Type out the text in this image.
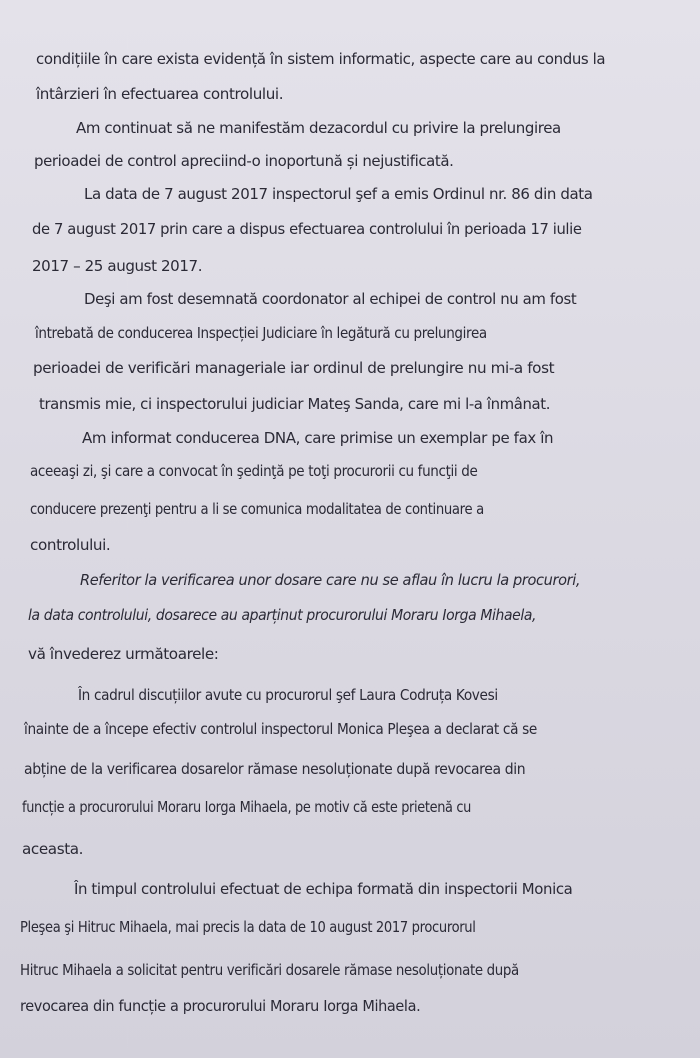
condițiile în care exista evidență în sistem informatic, aspecte care au condus la
întârzieri în efectuarea controlului.
Am continuat să ne manifestăm dezacordul cu privire la prelungirea
perioadei de control apreciind-o inoportună și nejustificată.
La data de 7 august 2017 inspectorul şef a emis Ordinul nr. 86 din data
de 7 august 2017 prin care a dispus efectuarea controlului în perioada 17 iulie
2017 – 25 august 2017.
Deşi am fost desemnată coordonator al echipei de control nu am fost
întrebată de conducerea Inspecției Judiciare în legătură cu prelungirea
perioadei de verificări manageriale iar ordinul de prelungire nu mi-a fost
transmis mie, ci inspectorului judiciar Mateş Sanda, care mi l-a înmânat.
Am informat conducerea DNA, care primise un exemplar pe fax în
aceeaşi zi, şi care a convocat în şedinţă pe toţi procurorii cu funcţii de
conducere prezenţi pentru a li se comunica modalitatea de continuare a
controlului.
Referitor la verificarea unor dosare care nu se aflau în lucru la procurori,
la data controlului, dosarece au aparținut procurorului Moraru Iorga Mihaela,
vă învederez următoarele:
În cadrul discuțiilor avute cu procurorul şef Laura Codruța Kovesi
înainte de a începe efectiv controlul inspectorul Monica Pleşea a declarat că se
abține de la verificarea dosarelor rămase nesoluționate după revocarea din
funcție a procurorului Moraru Iorga Mihaela, pe motiv că este prietenă cu
aceasta.
În timpul controlului efectuat de echipa formată din inspectorii Monica
Pleşea şi Hitruc Mihaela, mai precis la data de 10 august 2017 procurorul
Hitruc Mihaela a solicitat pentru verificări dosarele rămase nesoluționate după
revocarea din funcție a procurorului Moraru Iorga Mihaela.
